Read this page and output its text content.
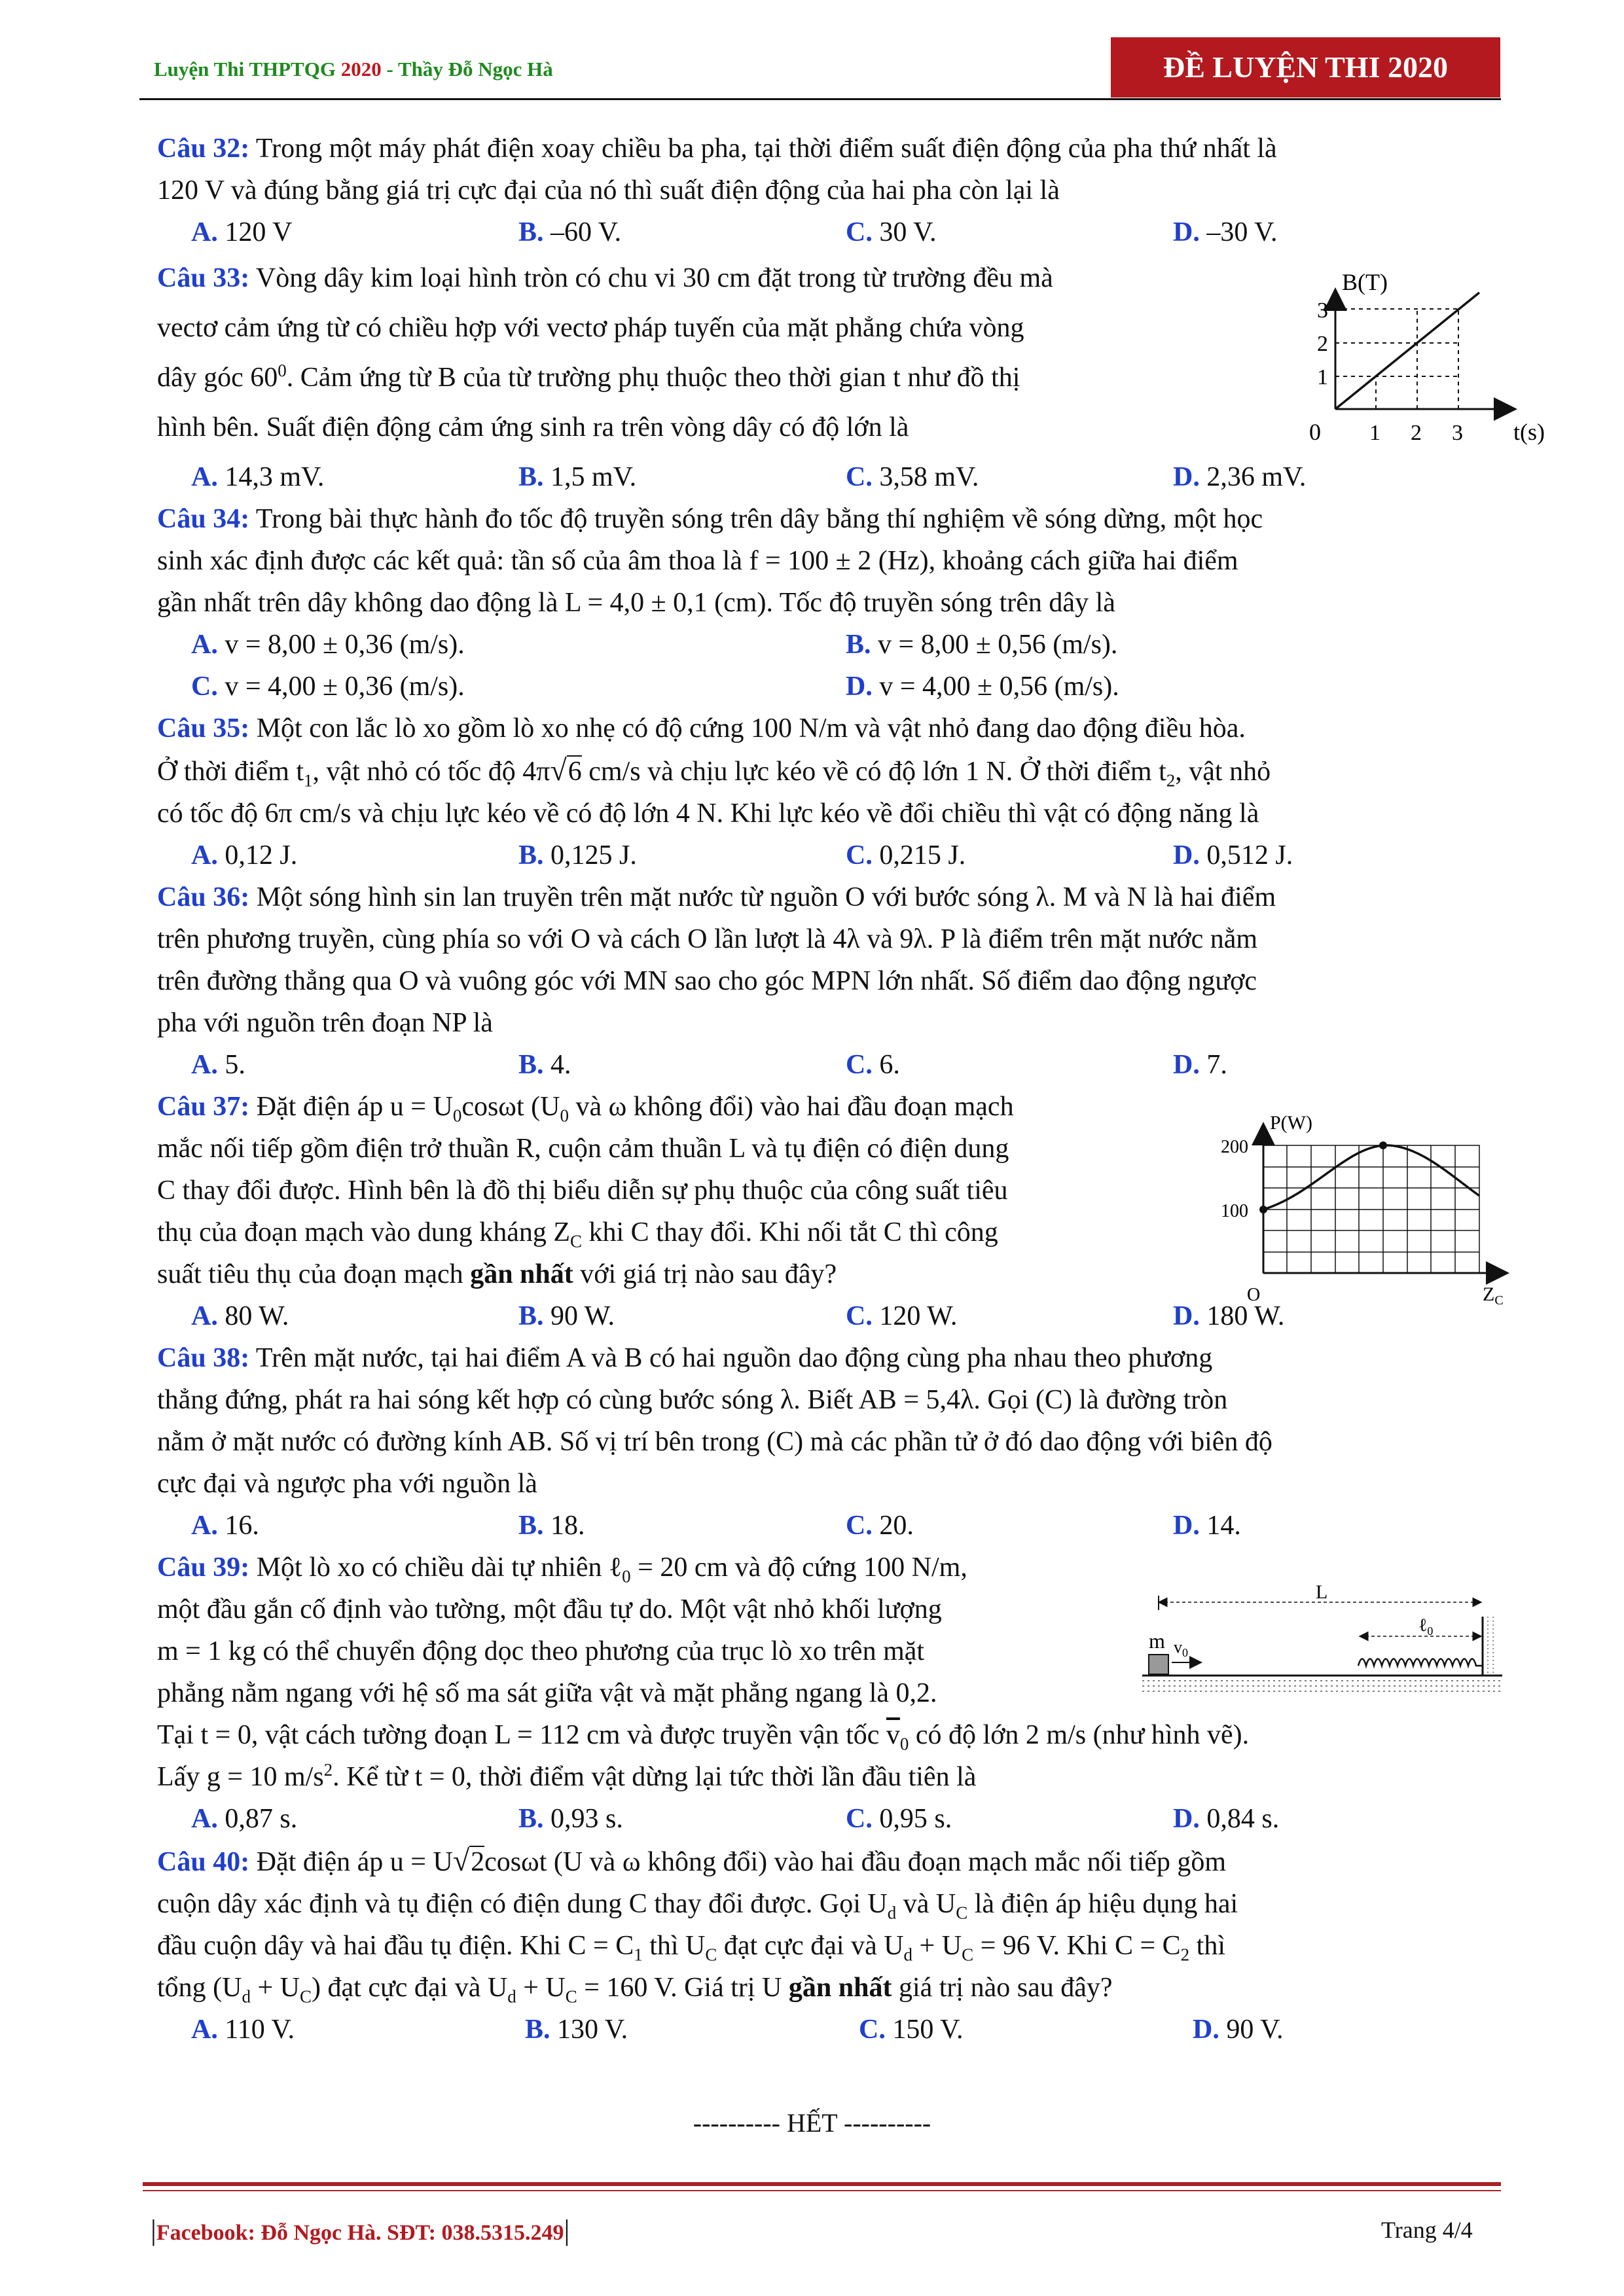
Luyện Thi THPTQG 2020 - Thầy Đỗ Ngọc Hà	ĐỀ LUYỆN THI 2020
Câu 32: Trong một máy phát điện xoay chiều ba pha, tại thời điểm suất điện động của pha thứ nhất là
120 V và đúng bằng giá trị cực đại của nó thì suất điện động của hai pha còn lại là
A. 120 V	B. –60 V.	C. 30 V.	D. –30 V.
Câu 33: Vòng dây kim loại hình tròn có chu vi 30 cm đặt trong từ trường đều mà
vectơ cảm ứng từ có chiều hợp với vectơ pháp tuyến của mặt phẳng chứa vòng
dây góc $60^0$. Cảm ứng từ B của từ trường phụ thuộc theo thời gian t như đồ thị
hình bên. Suất điện động cảm ứng sinh ra trên vòng dây có độ lớn là
A. 14,3 mV.	B. 1,5 mV.	C. 3,58 mV.	D. 2,36 mV.
Câu 34: Trong bài thực hành đo tốc độ truyền sóng trên dây bằng thí nghiệm về sóng dừng, một học
sinh xác định được các kết quả: tần số của âm thoa là f = 100 ± 2 (Hz), khoảng cách giữa hai điểm
gần nhất trên dây không dao động là L = 4,0 ± 0,1 (cm). Tốc độ truyền sóng trên dây là
A. v = 8,00 ± 0,36 (m/s).	B. v = 8,00 ± 0,56 (m/s).
C. v = 4,00 ± 0,36 (m/s).	D. v = 4,00 ± 0,56 (m/s).
Câu 35: Một con lắc lò xo gồm lò xo nhẹ có độ cứng 100 N/m và vật nhỏ đang dao động điều hòa.
Ở thời điểm $t_1$, vật nhỏ có tốc độ 4π√6 cm/s và chịu lực kéo về có độ lớn 1 N. Ở thời điểm $t_2$, vật nhỏ
có tốc độ 6π cm/s và chịu lực kéo về có độ lớn 4 N. Khi lực kéo về đổi chiều thì vật có động năng là
A. 0,12 J.	B. 0,125 J.	C. 0,215 J.	D. 0,512 J.
Câu 36: Một sóng hình sin lan truyền trên mặt nước từ nguồn O với bước sóng λ. M và N là hai điểm
trên phương truyền, cùng phía so với O và cách O lần lượt là 4λ và 9λ. P là điểm trên mặt nước nằm
trên đường thẳng qua O và vuông góc với MN sao cho góc MPN lớn nhất. Số điểm dao động ngược
pha với nguồn trên đoạn NP là
A. 5.	B. 4.	C. 6.	D. 7.
Câu 37: Đặt điện áp $u = U_0\cos\omega t$ ($U_0$ và ω không đổi) vào hai đầu đoạn mạch
mắc nối tiếp gồm điện trở thuần R, cuộn cảm thuần L và tụ điện có điện dung
C thay đổi được. Hình bên là đồ thị biểu diễn sự phụ thuộc của công suất tiêu
thụ của đoạn mạch vào dung kháng $Z_C$ khi C thay đổi. Khi nối tắt C thì công
suất tiêu thụ của đoạn mạch gần nhất với giá trị nào sau đây?
A. 80 W.	B. 90 W.	C. 120 W.	D. 180 W.
Câu 38: Trên mặt nước, tại hai điểm A và B có hai nguồn dao động cùng pha nhau theo phương
thẳng đứng, phát ra hai sóng kết hợp có cùng bước sóng λ. Biết AB = 5,4λ. Gọi (C) là đường tròn
nằm ở mặt nước có đường kính AB. Số vị trí bên trong (C) mà các phần tử ở đó dao động với biên độ
cực đại và ngược pha với nguồn là
A. 16.	B. 18.	C. 20.	D. 14.
Câu 39: Một lò xo có chiều dài tự nhiên ℓ$_0$ = 20 cm và độ cứng 100 N/m,
một đầu gắn cố định vào tường, một đầu tự do. Một vật nhỏ khối lượng
m = 1 kg có thể chuyển động dọc theo phương của trục lò xo trên mặt
phẳng nằm ngang với hệ số ma sát giữa vật và mặt phẳng ngang là 0,2.
Tại t = 0, vật cách tường đoạn L = 112 cm và được truyền vận tốc $\overline{v}_0$ có độ lớn 2 m/s (như hình vẽ).
Lấy g = 10 $m/s^2$. Kể từ t = 0, thời điểm vật dừng lại tức thời lần đầu tiên là
A. 0,87 s.	B. 0,93 s.	C. 0,95 s.	D. 0,84 s.
Câu 40: Đặt điện áp u = U√2cosωt (U và ω không đổi) vào hai đầu đoạn mạch mắc nối tiếp gồm
cuộn dây xác định và tụ điện có điện dung C thay đổi được. Gọi $U_d$ và $U_C$ là điện áp hiệu dụng hai
đầu cuộn dây và hai đầu tụ điện. Khi $C = C_1$ thì $U_C$ đạt cực đại và $U_d + U_C = 96$ V. Khi $C = C_2$ thì
tổng $(U_d + U_C)$ đạt cực đại và $U_d + U_C = 160$ V. Giá trị U gần nhất giá trị nào sau đây?
A. 110 V.	B. 130 V.	C. 150 V.	D. 90 V.
B(T)
t(s)
0
3
2
1
1 2 3
P(W)
200
100
O	$Z_C$
m $v_0$
L
ℓ$_0$
---------- HẾT ----------
|Facebook: Đỗ Ngọc Hà. SĐT: 038.5315.249|	Trang 4/4
